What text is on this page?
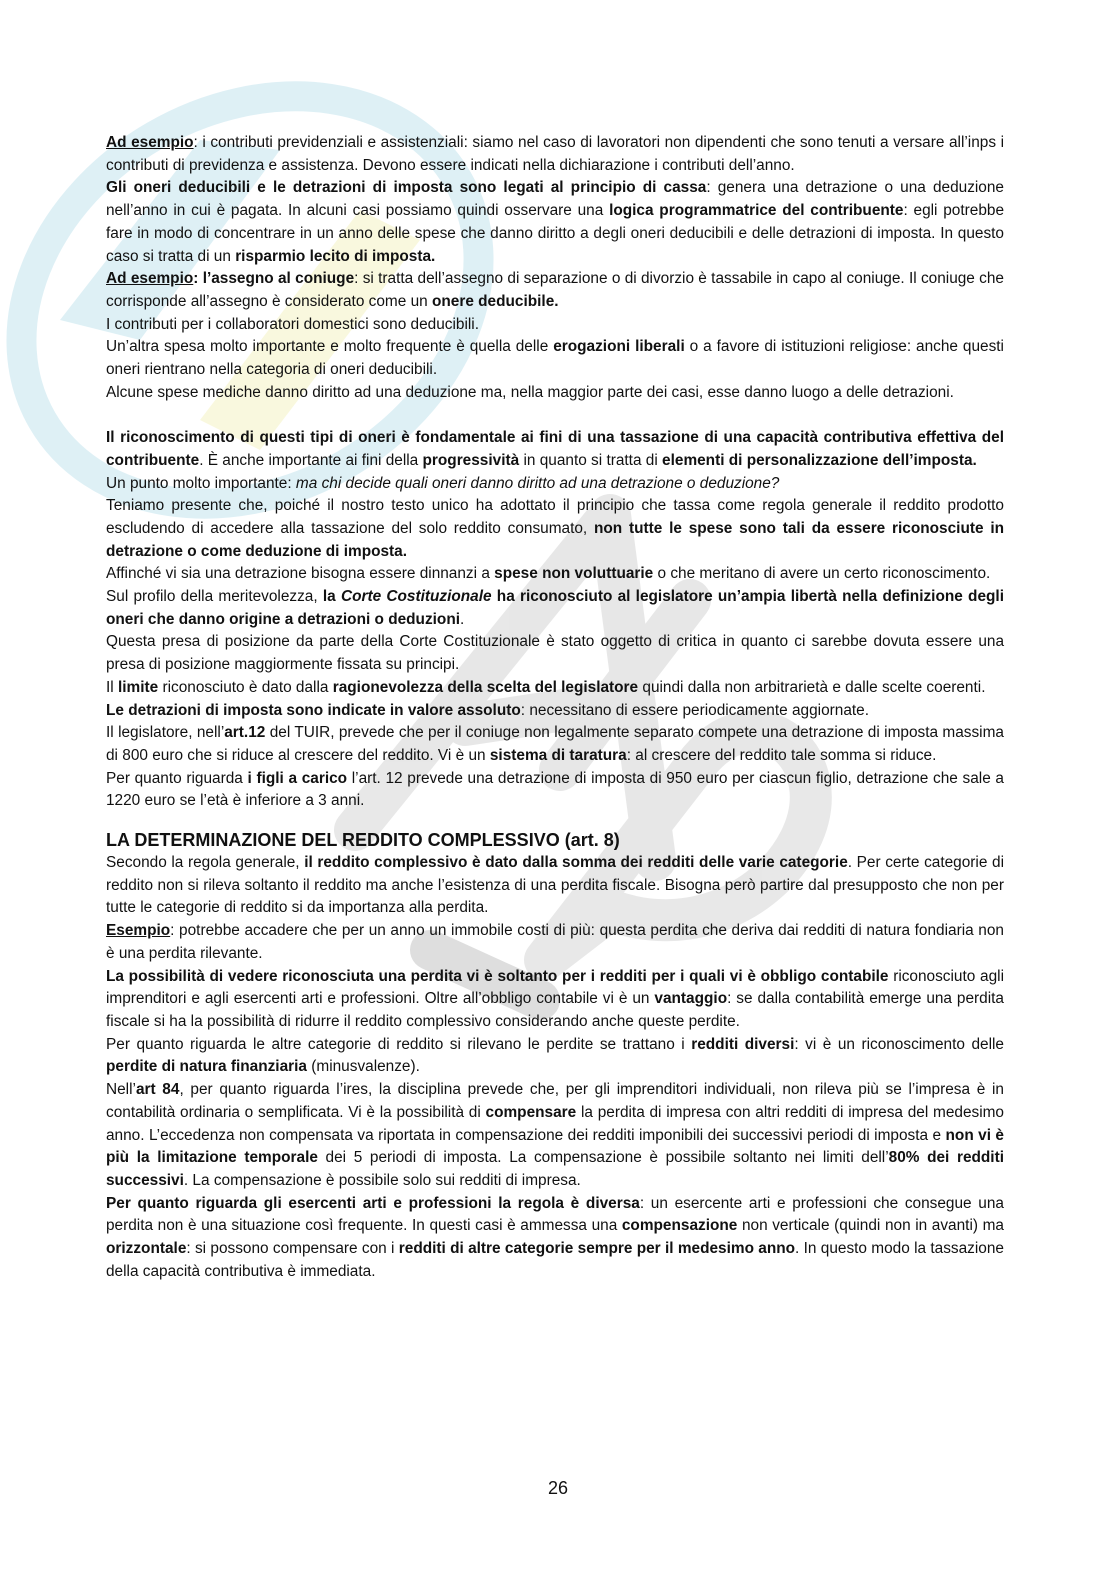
Ad esempio: i contributi previdenziali e assistenziali: siamo nel caso di lavoratori non dipendenti che sono tenuti a versare all’inps i contributi di previdenza e assistenza. Devono essere indicati nella dichiarazione i contributi dell’anno.

Gli oneri deducibili e le detrazioni di imposta sono legati al principio di cassa: genera una detrazione o una deduzione nell’anno in cui è pagata. In alcuni casi possiamo quindi osservare una logica programmatrice del contribuente: egli potrebbe fare in modo di concentrare in un anno delle spese che danno diritto a degli oneri deducibili e delle detrazioni di imposta. In questo caso si tratta di un risparmio lecito di imposta.

Ad esempio: l’assegno al coniuge: si tratta dell’assegno di separazione o di divorzio è tassabile in capo al coniuge. Il coniuge che corrisponde all’assegno è considerato come un onere deducibile.

I contributi per i collaboratori domestici sono deducibili.

Un’altra spesa molto importante e molto frequente è quella delle erogazioni liberali o a favore di istituzioni religiose: anche questi oneri rientrano nella categoria di oneri deducibili.

Alcune spese mediche danno diritto ad una deduzione ma, nella maggior parte dei casi, esse danno luogo a delle detrazioni.

Il riconoscimento di questi tipi di oneri è fondamentale ai fini di una tassazione di una capacità contributiva effettiva del contribuente. È anche importante ai fini della progressività in quanto si tratta di elementi di personalizzazione dell’imposta.

Un punto molto importante: ma chi decide quali oneri danno diritto ad una detrazione o deduzione?

Teniamo presente che, poiché il nostro testo unico ha adottato il principio che tassa come regola generale il reddito prodotto escludendo di accedere alla tassazione del solo reddito consumato, non tutte le spese sono tali da essere riconosciute in detrazione o come deduzione di imposta.

Affinché vi sia una detrazione bisogna essere dinnanzi a spese non voluttuarie o che meritano di avere un certo riconoscimento.

Sul profilo della meritevolezza, la Corte Costituzionale ha riconosciuto al legislatore un’ampia libertà nella definizione degli oneri che danno origine a detrazioni o deduzioni.

Questa presa di posizione da parte della Corte Costituzionale è stato oggetto di critica in quanto ci sarebbe dovuta essere una presa di posizione maggiormente fissata su principi.

Il limite riconosciuto è dato dalla ragionevolezza della scelta del legislatore quindi dalla non arbitrarietà e dalle scelte coerenti.

Le detrazioni di imposta sono indicate in valore assoluto: necessitano di essere periodicamente aggiornate.

Il legislatore, nell’art.12 del TUIR, prevede che per il coniuge non legalmente separato compete una detrazione di imposta massima di 800 euro che si riduce al crescere del reddito. Vi è un sistema di taratura: al crescere del reddito tale somma si riduce.

Per quanto riguarda i figli a carico l’art. 12 prevede una detrazione di imposta di 950 euro per ciascun figlio, detrazione che sale a 1220 euro se l’età è inferiore a 3 anni.

LA DETERMINAZIONE DEL REDDITO COMPLESSIVO (art. 8)

Secondo la regola generale, il reddito complessivo è dato dalla somma dei redditi delle varie categorie. Per certe categorie di reddito non si rileva soltanto il reddito ma anche l’esistenza di una perdita fiscale. Bisogna però partire dal presupposto che non per tutte le categorie di reddito si da importanza alla perdita.

Esempio: potrebbe accadere che per un anno un immobile costi di più: questa perdita che deriva dai redditi di natura fondiaria non è una perdita rilevante.

La possibilità di vedere riconosciuta una perdita vi è soltanto per i redditi per i quali vi è obbligo contabile riconosciuto agli imprenditori e agli esercenti arti e professioni. Oltre all’obbligo contabile vi è un vantaggio: se dalla contabilità emerge una perdita fiscale si ha la possibilità di ridurre il reddito complessivo considerando anche queste perdite.

Per quanto riguarda le altre categorie di reddito si rilevano le perdite se trattano i redditi diversi: vi è un riconoscimento delle perdite di natura finanziaria (minusvalenze).

Nell’art 84, per quanto riguarda l’ires, la disciplina prevede che, per gli imprenditori individuali, non rileva più se l’impresa è in contabilità ordinaria o semplificata. Vi è la possibilità di compensare la perdita di impresa con altri redditi di impresa del medesimo anno. L’eccedenza non compensata va riportata in compensazione dei redditi imponibili dei successivi periodi di imposta e non vi è più la limitazione temporale dei 5 periodi di imposta. La compensazione è possibile soltanto nei limiti dell’80% dei redditi successivi. La compensazione è possibile solo sui redditi di impresa.

Per quanto riguarda gli esercenti arti e professioni la regola è diversa: un esercente arti e professioni che consegue una perdita non è una situazione così frequente. In questi casi è ammessa una compensazione non verticale (quindi non in avanti) ma orizzontale: si possono compensare con i redditi di altre categorie sempre per il medesimo anno. In questo modo la tassazione della capacità contributiva è immediata.

26
